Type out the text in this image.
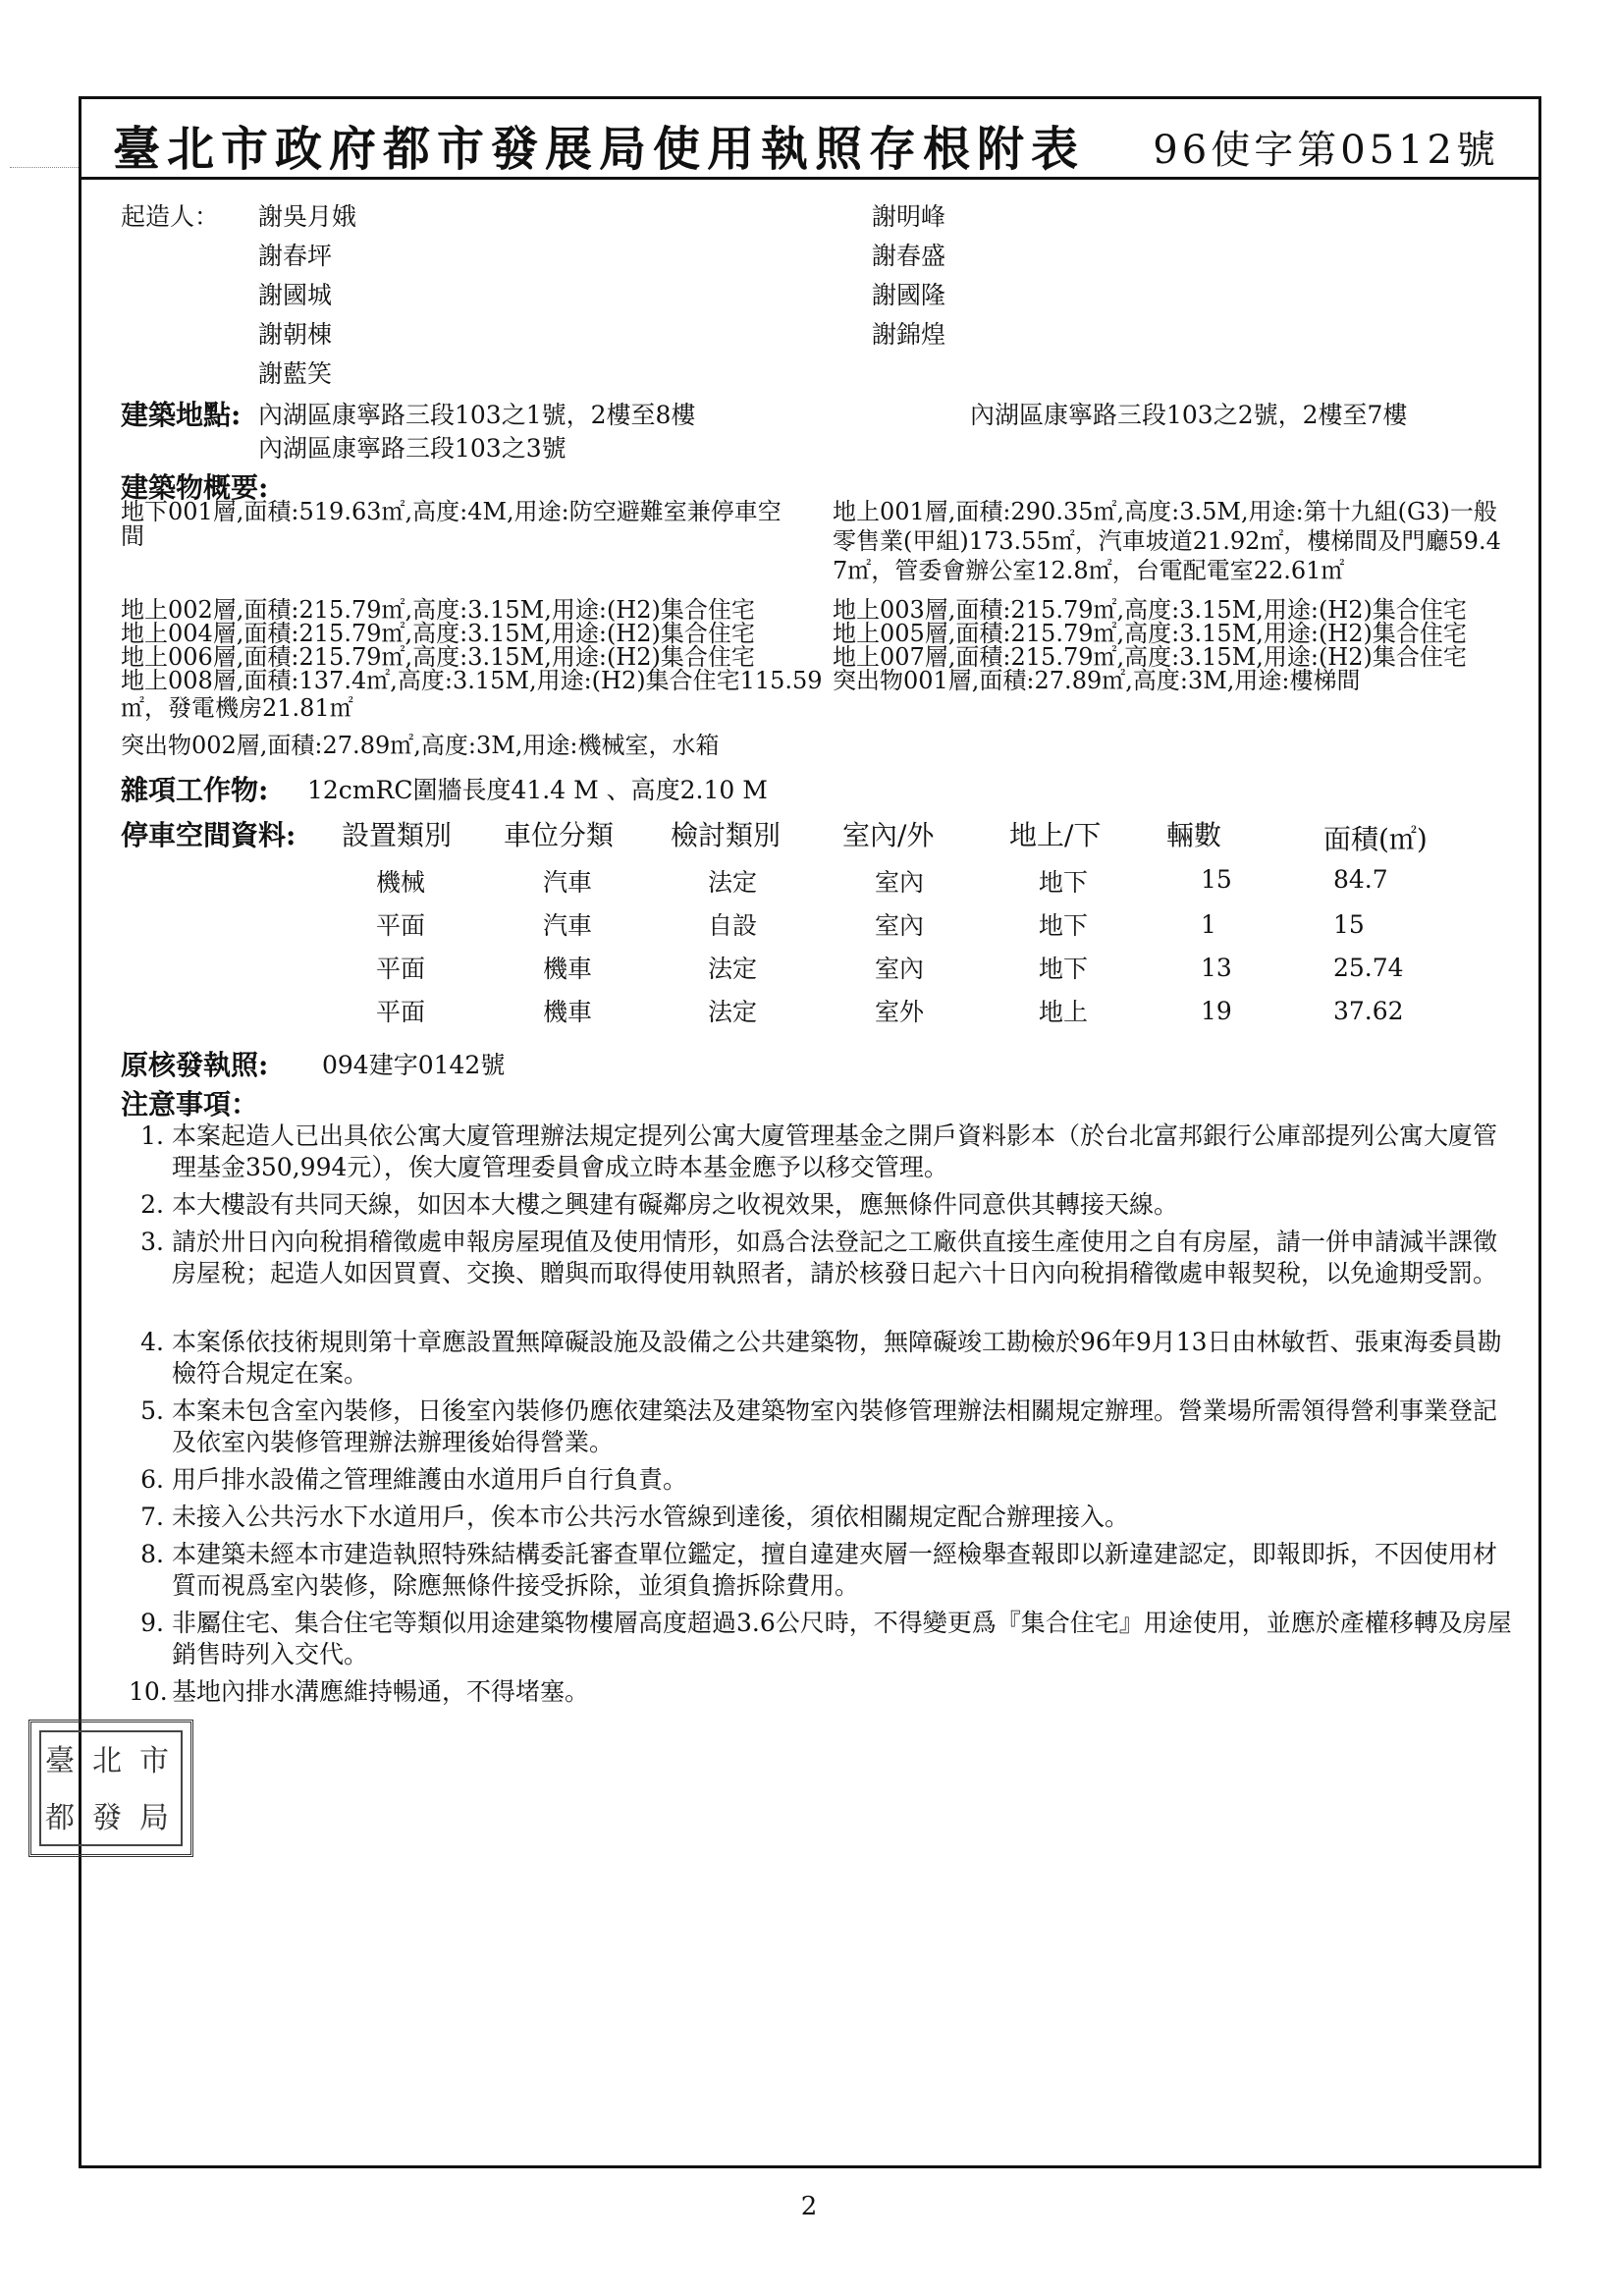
臺北市政府都市發展局使用執照存根附表 96使字第0512號
起造人： 謝吳月娥
謝春坪
謝國城
謝朝棟
謝藍笑
謝明峰
謝春盛
謝國隆
謝錦煌
建築地點: 內湖區康寧路三段103之1號，2樓至8樓
內湖區康寧路三段103之3號
內湖區康寧路三段103之2號，2樓至7樓
建築物概要:
地下001層,面積:519.63㎡,高度:4M,用途:防空避難室兼停車空
間
地上001層,面積:290.35㎡,高度:3.5M,用途:第十九組(G3)一般
零售業(甲組)173.55㎡，汽車坡道21.92㎡，樓梯間及門廳59.4
7㎡，管委會辦公室12.8㎡，台電配電室22.61㎡
地上002層,面積:215.79㎡,高度:3.15M,用途:(H2)集合住宅	地上003層,面積:215.79㎡,高度:3.15M,用途:(H2)集合住宅
地上004層,面積:215.79㎡,高度:3.15M,用途:(H2)集合住宅	地上005層,面積:215.79㎡,高度:3.15M,用途:(H2)集合住宅
地上006層,面積:215.79㎡,高度:3.15M,用途:(H2)集合住宅	地上007層,面積:215.79㎡,高度:3.15M,用途:(H2)集合住宅
地上008層,面積:137.4㎡,高度:3.15M,用途:(H2)集合住宅115.59
㎡，發電機房21.81㎡
突出物001層,面積:27.89㎡,高度:3M,用途:樓梯間
突出物002層,面積:27.89㎡,高度:3M,用途:機械室，水箱
雜項工作物: 12cmRC圍牆長度41.4 M 、高度2.10 M
停車空間資料: 設置類別 車位分類 檢討類別 室內/外	地上/下 輛數	面積(㎡)
機械	汽車	法定	室內	地下	15	84.7
平面	汽車	自設	室內	地下	1	15
平面	機車	法定	室內	地下	13	25.74
平面	機車	法定	室外	地上	19	37.62
原核發執照: 094建字0142號
注意事項：
1. 本案起造人已出具依公寓大廈管理辦法規定提列公寓大廈管理基金之開戶資料影本（於台北富邦銀行公庫部提列公寓大廈管理基金350,994元），俟大廈管理委員會成立時本基金應予以移交管理。
2. 本大樓設有共同天線，如因本大樓之興建有礙鄰房之收視效果，應無條件同意供其轉接天線。
3. 請於卅日內向稅捐稽徵處申報房屋現值及使用情形，如爲合法登記之工廠供直接生產使用之自有房屋，請一併申請減半課徵房屋稅；起造人如因買賣、交換、贈與而取得使用執照者，請於核發日起六十日內向稅捐稽徵處申報契稅，以免逾期受罰。
4. 本案係依技術規則第十章應設置無障礙設施及設備之公共建築物，無障礙竣工勘檢於96年9月13日由林敏哲、張東海委員勘檢符合規定在案。
5. 本案未包含室內裝修，日後室內裝修仍應依建築法及建築物室內裝修管理辦法相關規定辦理。營業場所需領得營利事業登記及依室內裝修管理辦法辦理後始得營業。
6. 用戶排水設備之管理維護由水道用戶自行負責。
7. 未接入公共污水下水道用戶，俟本市公共污水管線到達後，須依相關規定配合辦理接入。
8. 本建築未經本市建造執照特殊結構委託審查單位鑑定，擅自違建夾層一經檢舉查報即以新違建認定，即報即拆，不因使用材質而視爲室內裝修，除應無條件接受拆除，並須負擔拆除費用。
9. 非屬住宅、集合住宅等類似用途建築物樓層高度超過3.6公尺時，不得變更爲『集合住宅』用途使用，並應於產權移轉及房屋銷售時列入交代。
10. 基地內排水溝應維持暢通，不得堵塞。
臺 北 市
都 發 局
2
